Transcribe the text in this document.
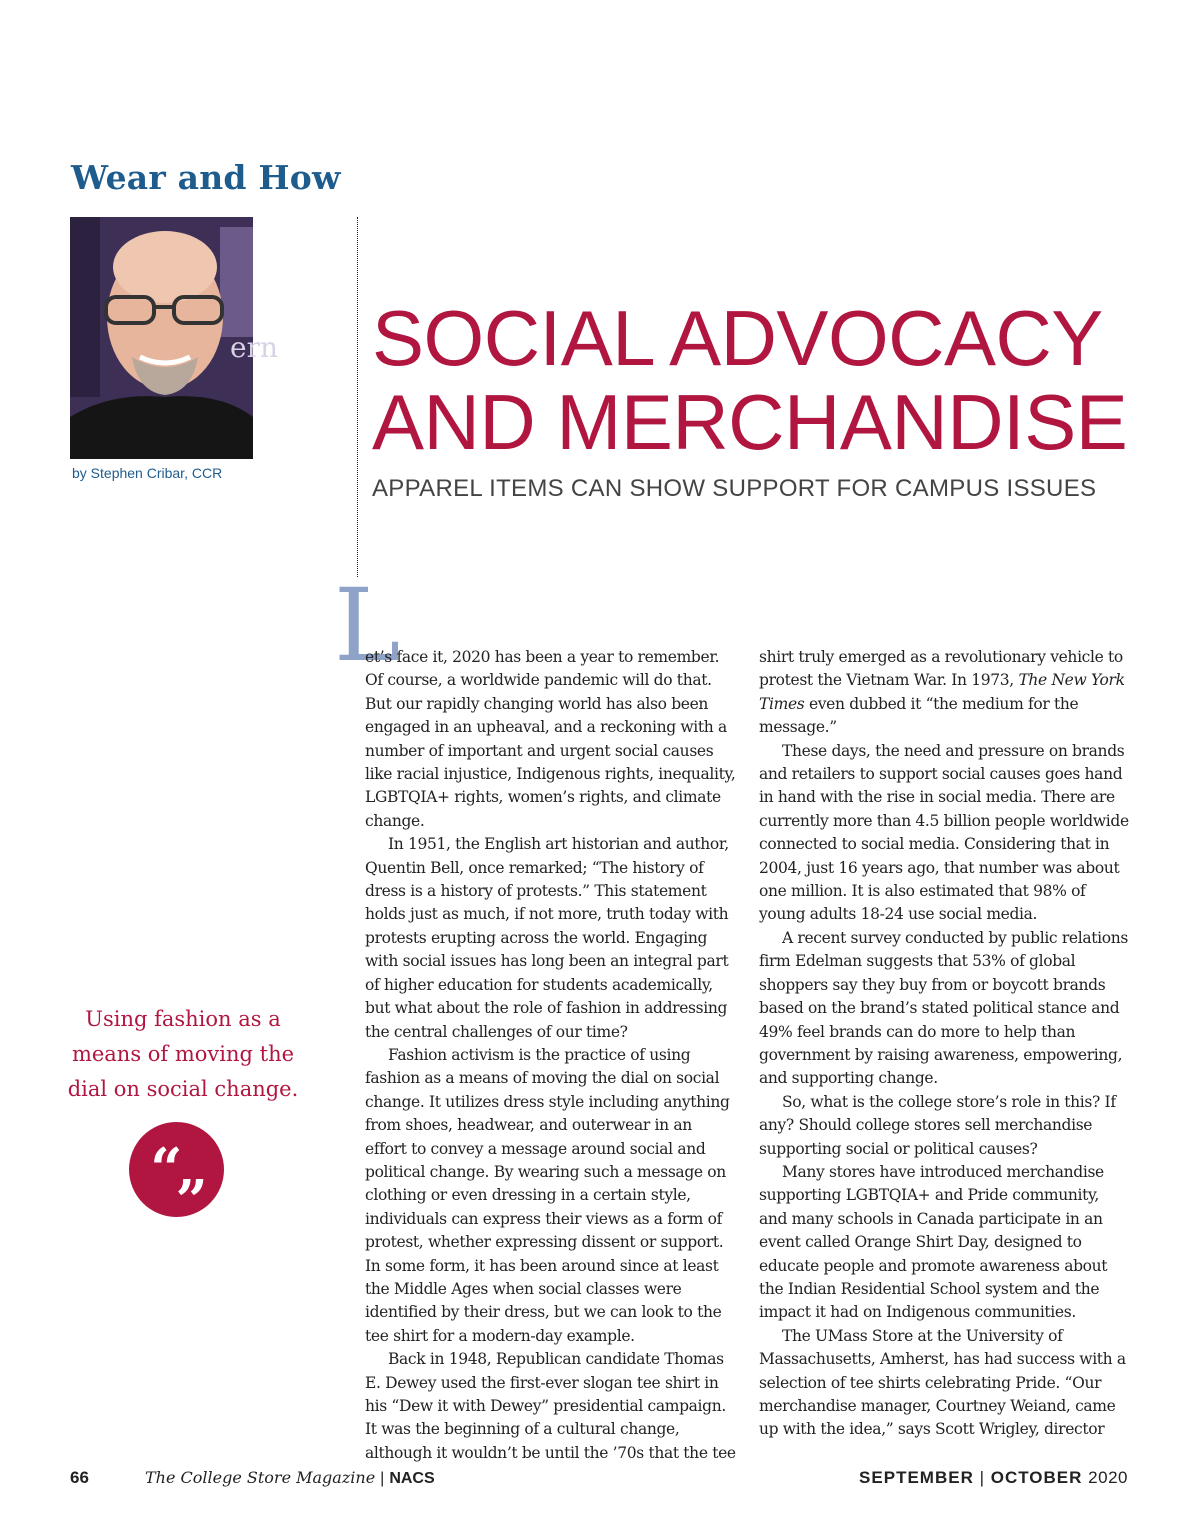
Wear and How
ern
by Stephen Cribar, CCR
SOCIAL ADVOCACY
AND MERCHANDISE
APPAREL ITEMS CAN SHOW SUPPORT FOR CAMPUS ISSUES
L

et’s face it, 2020 has been a year to remember. Of course, a worldwide pandemic will do that. But our rapidly changing world has also been engaged in an upheaval, and a reckoning with a number of important and urgent social causes like racial injustice, Indigenous rights, inequality, LGBTQIA+ rights, women’s rights, and climate change.

In 1951, the English art historian and author, Quentin Bell, once remarked; “The history of dress is a history of protests.” This statement holds just as much, if not more, truth today with protests erupting across the world. Engaging with social issues has long been an integral part of higher education for students academically, but what about the role of fashion in addressing the central challenges of our time?

Fashion activism is the practice of using fashion as a means of moving the dial on social change. It utilizes dress style including anything from shoes, headwear, and outerwear in an effort to convey a message around social and political change. By wearing such a message on clothing or even dressing in a certain style, individuals can express their views as a form of protest, whether expressing dissent or support. In some form, it has been around since at least the Middle Ages when social classes were identified by their dress, but we can look to the tee shirt for a modern-day example.

Back in 1948, Republican candidate Thomas E. Dewey used the first-ever slogan tee shirt in his “Dew it with Dewey” presidential campaign. It was the beginning of a cultural change, although it wouldn’t be until the ’70s that the tee

shirt truly emerged as a revolutionary vehicle to protest the Vietnam War. In 1973, The New York Times even dubbed it “the medium for the message.”

These days, the need and pressure on brands and retailers to support social causes goes hand in hand with the rise in social media. There are currently more than 4.5 billion people worldwide connected to social media. Considering that in 2004, just 16 years ago, that number was about one million. It is also estimated that 98% of young adults 18-24 use social media.

A recent survey conducted by public relations firm Edelman suggests that 53% of global shoppers say they buy from or boycott brands based on the brand’s stated political stance and 49% feel brands can do more to help than government by raising awareness, empowering, and supporting change.

So, what is the college store’s role in this? If any? Should college stores sell merchandise supporting social or political causes?

Many stores have introduced merchandise supporting LGBTQIA+ and Pride community, and many schools in Canada participate in an event called Orange Shirt Day, designed to educate people and promote awareness about the Indian Residential School system and the impact it had on Indigenous communities.

The UMass Store at the University of Massachusetts, Amherst, has had success with a selection of tee shirts celebrating Pride. “Our merchandise manager, Courtney Weiand, came up with the idea,” says Scott Wrigley, director

Using fashion as a means of moving the dial on social change.
“„
66	The College Store Magazine | NACS	SEPTEMBER | OCTOBER 2020
